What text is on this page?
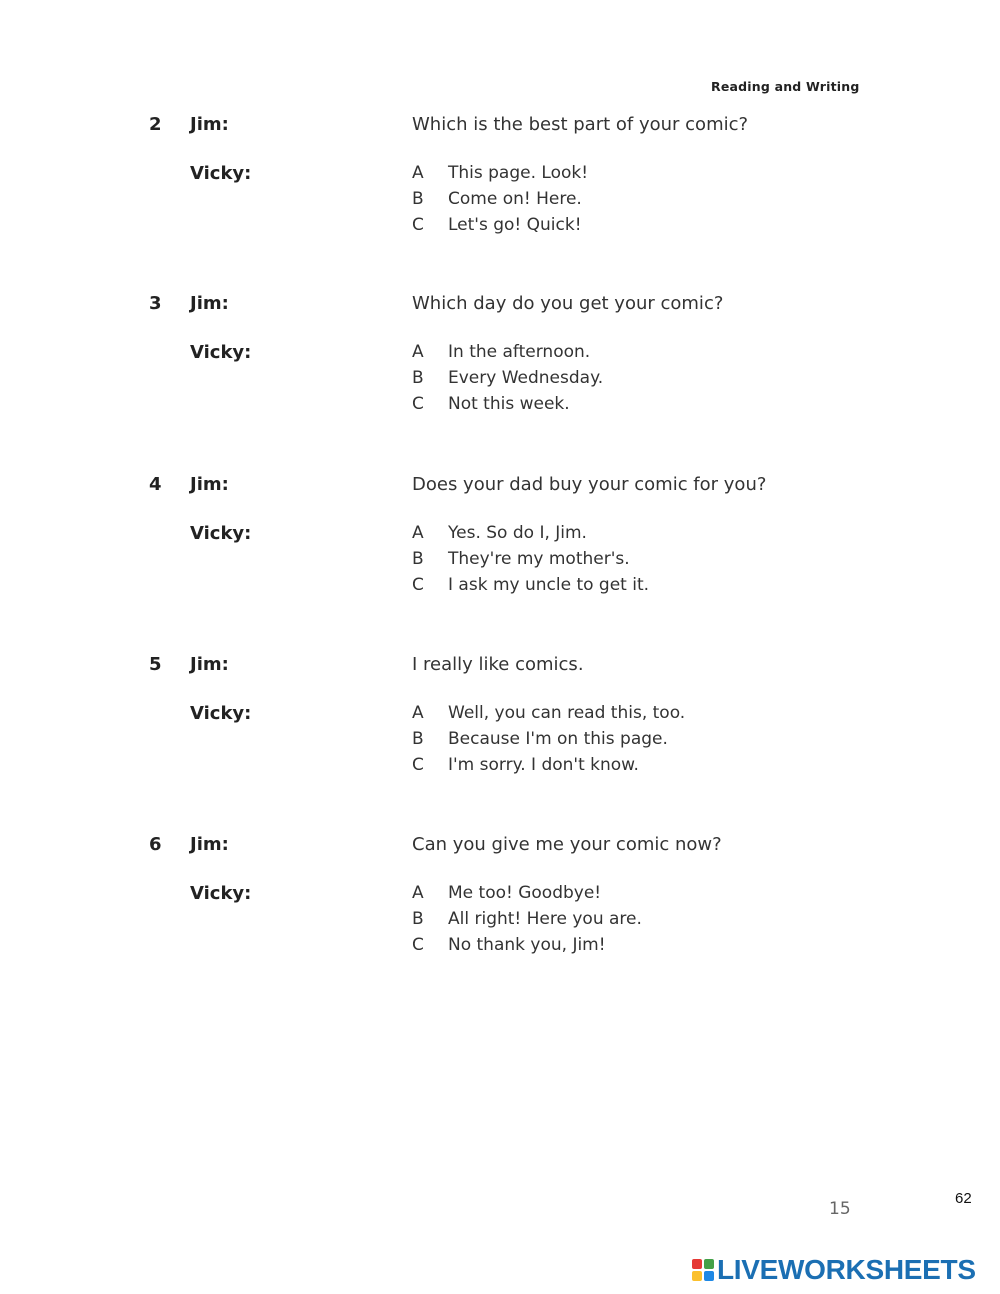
Reading and Writing
2 Jim:	Which is the best part of your comic?
Vicky:	A This page. Look!
B Come on! Here.
C Let's go! Quick!
3 Jim:	Which day do you get your comic?
Vicky:	A In the afternoon.
B Every Wednesday.
C Not this week.
4 Jim:	Does your dad buy your comic for you?
Vicky:	A Yes. So do I, Jim.
B They're my mother's.
C I ask my uncle to get it.
5 Jim:	I really like comics.
Vicky:	A Well, you can read this, too.
B Because I'm on this page.
C I'm sorry. I don't know.
6 Jim:	Can you give me your comic now?
Vicky:	A Me too! Goodbye!
B All right! Here you are.
C No thank you, Jim!
15
62
LIVEWORKSHEETS
